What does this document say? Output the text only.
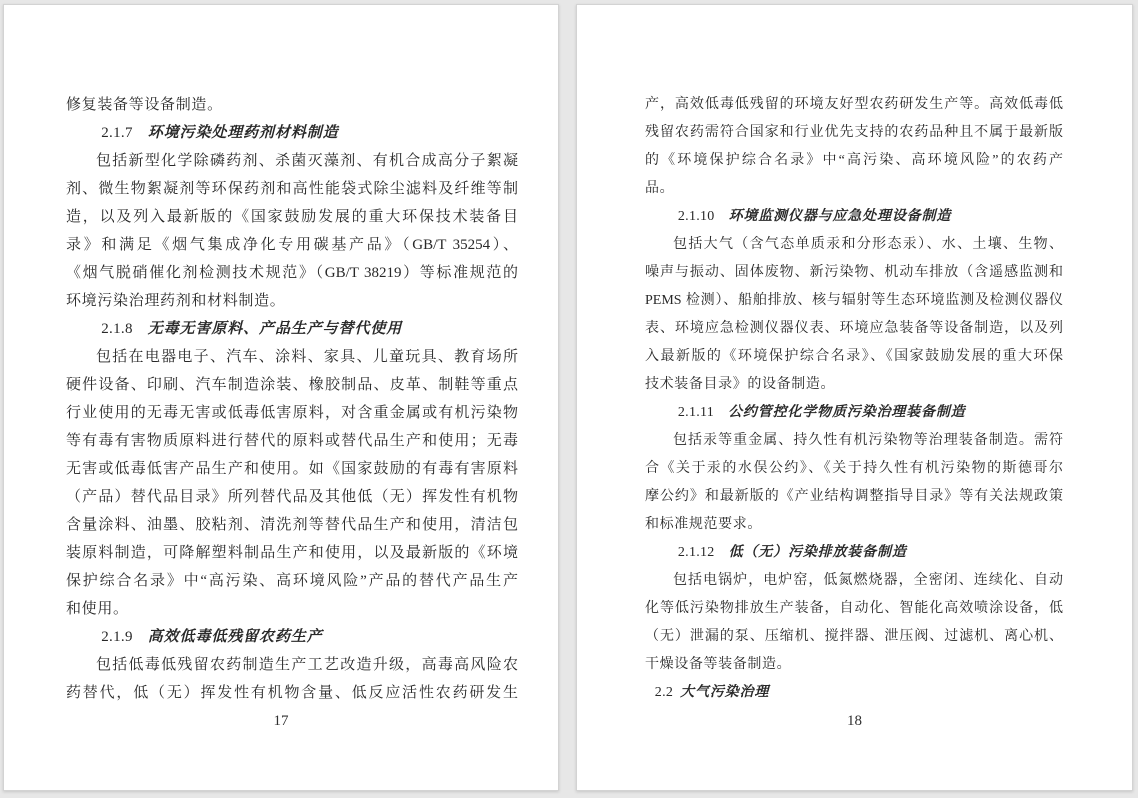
修复装备等设备制造。
2.1.7 环境污染处理药剂材料制造
包括新型化学除磷药剂、杀菌灭藻剂、有机合成高分子絮凝
剂、微生物絮凝剂等环保药剂和高性能袋式除尘滤料及纤维等制
造，以及列入最新版的《国家鼓励发展的重大环保技术装备目
录》和满足《烟气集成净化专用碳基产品》（GB/T 35254）、
《烟气脱硝催化剂检测技术规范》（GB/T 38219）等标准规范的
环境污染治理药剂和材料制造。
2.1.8 无毒无害原料、产品生产与替代使用
包括在电器电子、汽车、涂料、家具、儿童玩具、教育场所
硬件设备、印刷、汽车制造涂装、橡胶制品、皮革、制鞋等重点
行业使用的无毒无害或低毒低害原料，对含重金属或有机污染物
等有毒有害物质原料进行替代的原料或替代品生产和使用；无毒
无害或低毒低害产品生产和使用。如《国家鼓励的有毒有害原料
（产品）替代品目录》所列替代品及其他低（无）挥发性有机物
含量涂料、油墨、胶粘剂、清洗剂等替代品生产和使用，清洁包
装原料制造，可降解塑料制品生产和使用，以及最新版的《环境
保护综合名录》中“高污染、高环境风险”产品的替代产品生产
和使用。
2.1.9 高效低毒低残留农药生产
包括低毒低残留农药制造生产工艺改造升级，高毒高风险农
药替代，低（无）挥发性有机物含量、低反应活性农药研发生
17
产，高效低毒低残留的环境友好型农药研发生产等。高效低毒低
残留农药需符合国家和行业优先支持的农药品种且不属于最新版
的《环境保护综合名录》中“高污染、高环境风险”的农药产
品。
2.1.10 环境监测仪器与应急处理设备制造
包括大气（含气态单质汞和分形态汞）、水、土壤、生物、
噪声与振动、固体废物、新污染物、机动车排放（含遥感监测和
PEMS 检测）、船舶排放、核与辐射等生态环境监测及检测仪器仪
表、环境应急检测仪器仪表、环境应急装备等设备制造，以及列
入最新版的《环境保护综合名录》、《国家鼓励发展的重大环保
技术装备目录》的设备制造。
2.1.11 公约管控化学物质污染治理装备制造
包括汞等重金属、持久性有机污染物等治理装备制造。需符
合《关于汞的水俣公约》、《关于持久性有机污染物的斯德哥尔
摩公约》和最新版的《产业结构调整指导目录》等有关法规政策
和标准规范要求。
2.1.12 低（无）污染排放装备制造
包括电锅炉，电炉窑，低氮燃烧器，全密闭、连续化、自动
化等低污染物排放生产装备，自动化、智能化高效喷涂设备，低
（无）泄漏的泵、压缩机、搅拌器、泄压阀、过滤机、离心机、
干燥设备等装备制造。
2.2 大气污染治理
18
